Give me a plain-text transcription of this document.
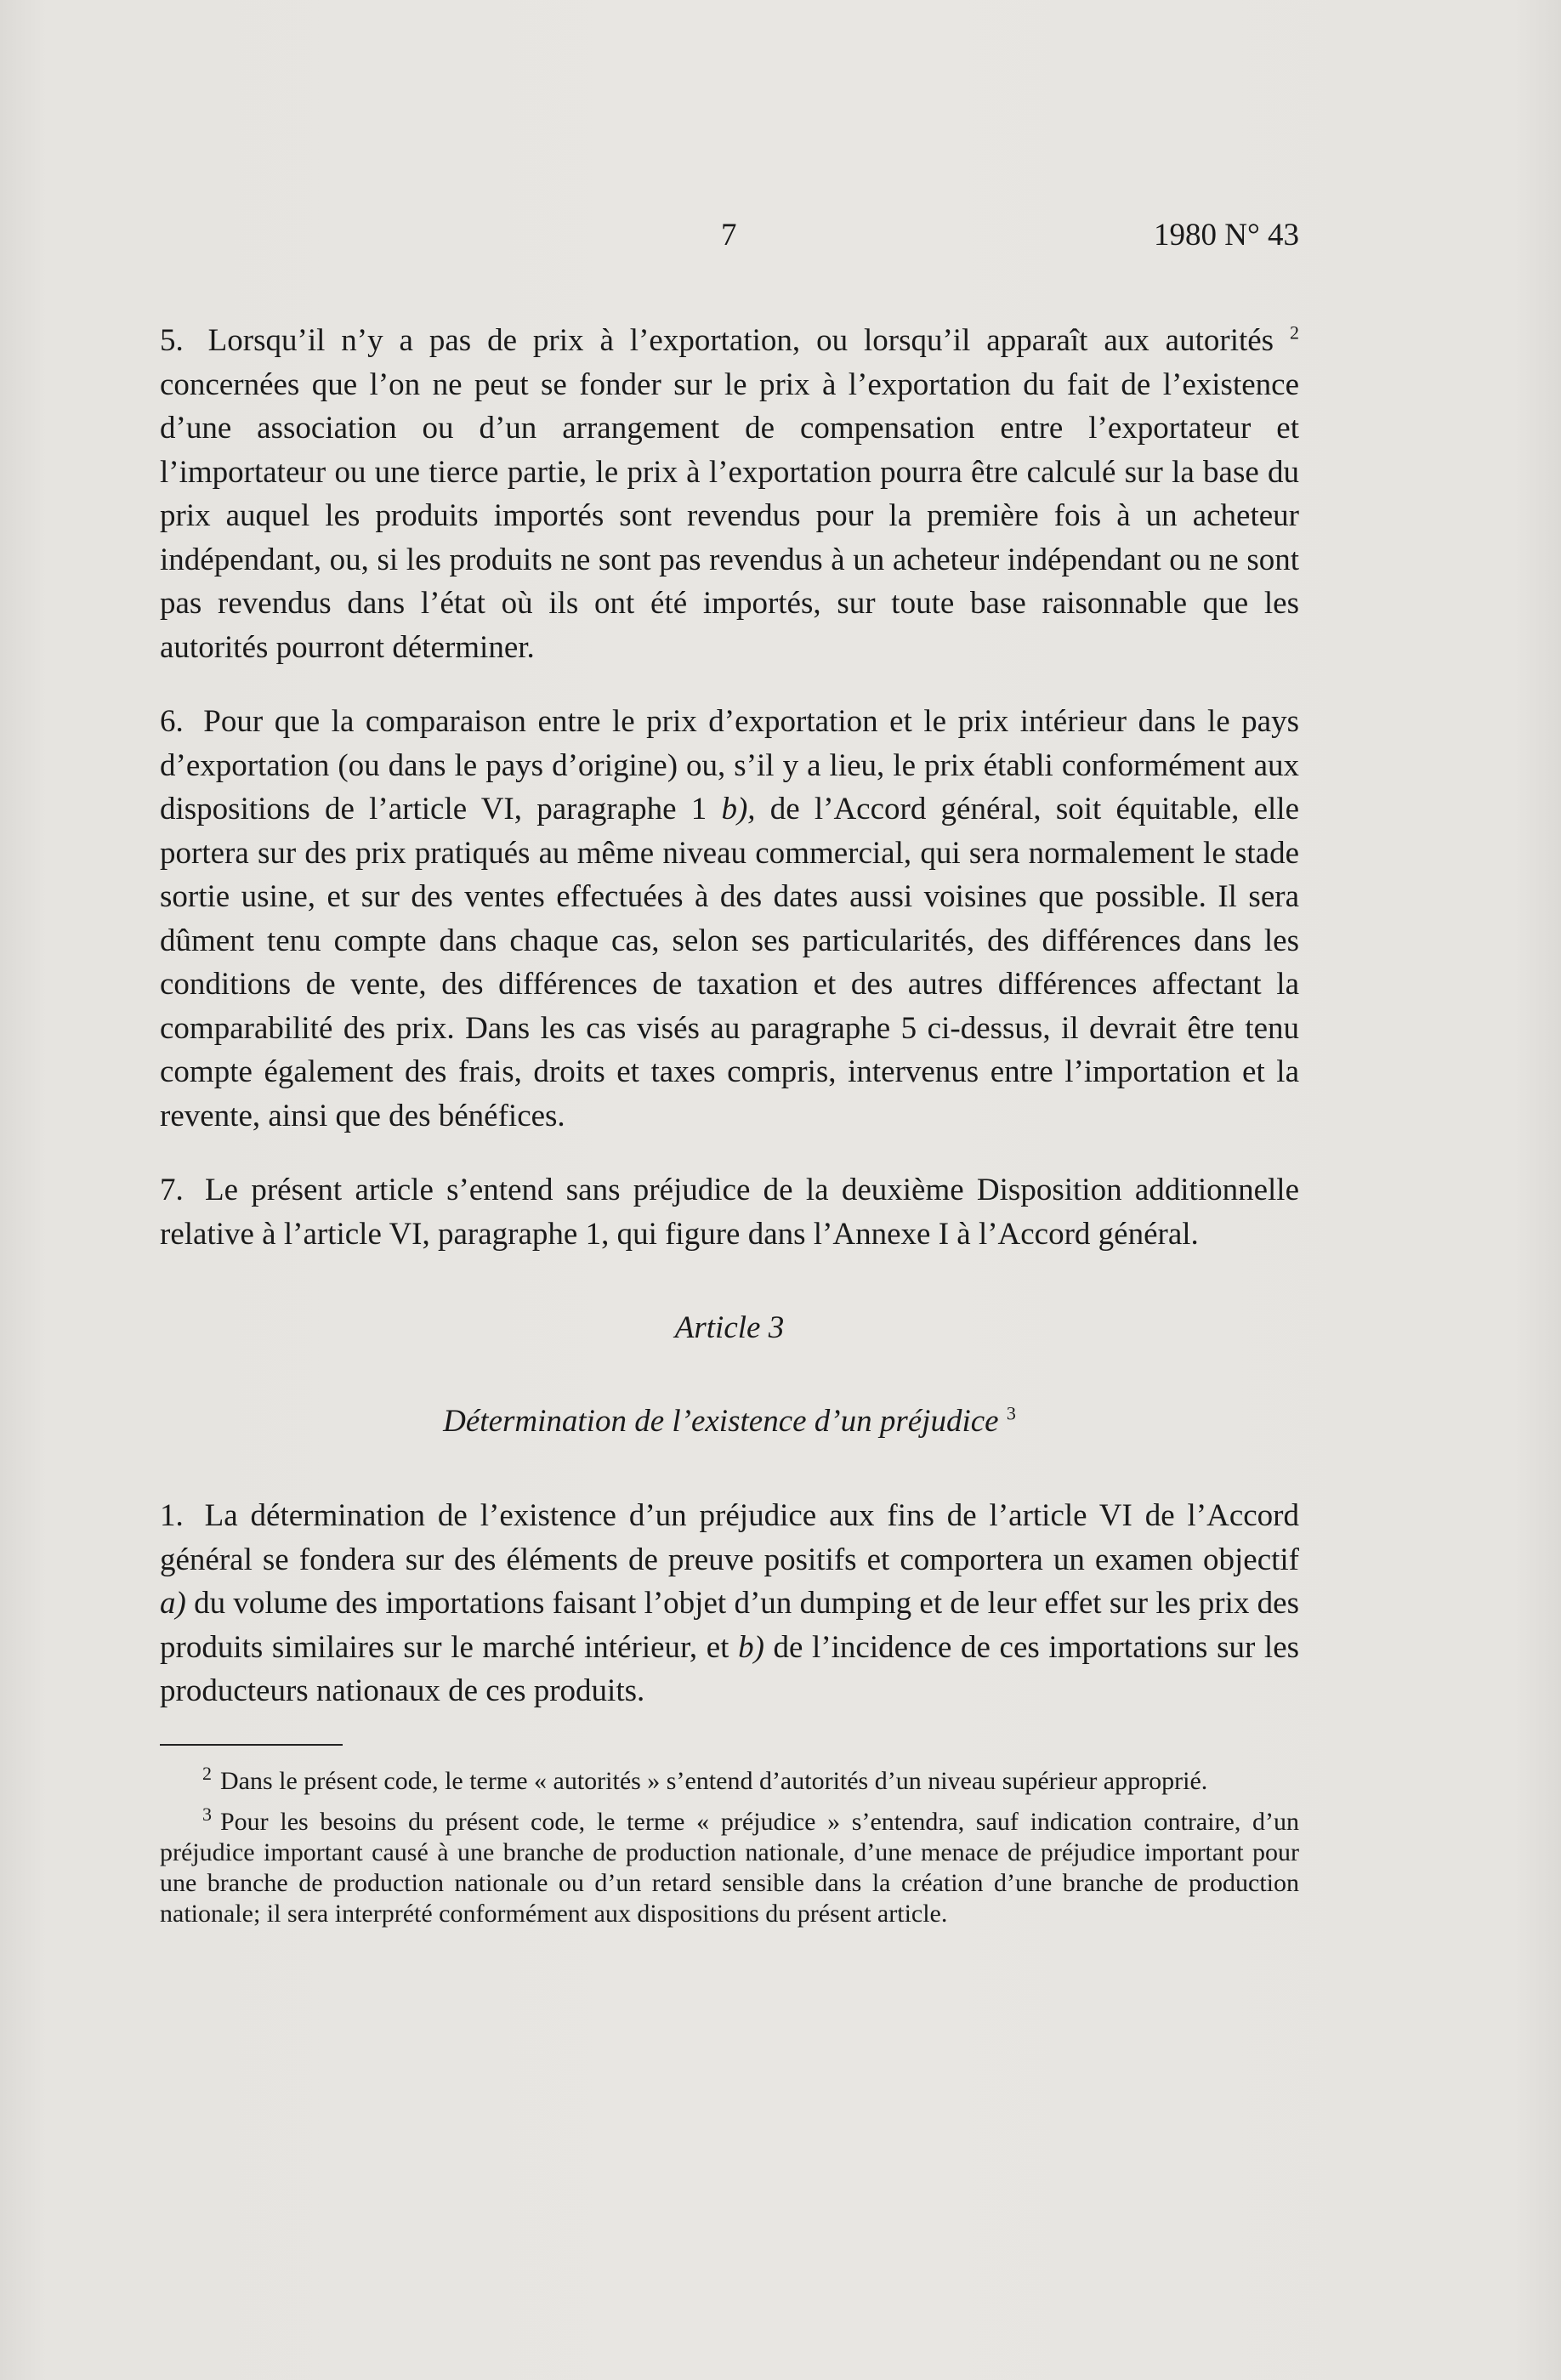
7	1980 N° 43

5. Lorsqu’il n’y a pas de prix à l’exportation, ou lorsqu’il apparaît aux autorités $^2$ concernées que l’on ne peut se fonder sur le prix à l’exportation du fait de l’existence d’une association ou d’un arrangement de compensation entre l’exportateur et l’importateur ou une tierce partie, le prix à l’exportation pourra être calculé sur la base du prix auquel les produits importés sont revendus pour la première fois à un acheteur indépendant, ou, si les produits ne sont pas revendus à un acheteur indépendant ou ne sont pas revendus dans l’état où ils ont été importés, sur toute base raisonnable que les autorités pourront déterminer.

6. Pour que la comparaison entre le prix d’exportation et le prix intérieur dans le pays d’exportation (ou dans le pays d’origine) ou, s’il y a lieu, le prix établi conformément aux dispositions de l’article VI, paragraphe 1 b), de l’Accord général, soit équitable, elle portera sur des prix pratiqués au même niveau commercial, qui sera normalement le stade sortie usine, et sur des ventes effectuées à des dates aussi voisines que possible. Il sera dûment tenu compte dans chaque cas, selon ses particularités, des différences dans les conditions de vente, des différences de taxation et des autres différences affectant la comparabilité des prix. Dans les cas visés au paragraphe 5 ci-dessus, il devrait être tenu compte également des frais, droits et taxes compris, intervenus entre l’importation et la revente, ainsi que des bénéfices.

7. Le présent article s’entend sans préjudice de la deuxième Disposition additionnelle relative à l’article VI, paragraphe 1, qui figure dans l’Annexe I à l’Accord général.

Article 3
Détermination de l’existence d’un préjudice $^3$

1. La détermination de l’existence d’un préjudice aux fins de l’article VI de l’Accord général se fondera sur des éléments de preuve positifs et comportera un examen objectif a) du volume des importations faisant l’objet d’un dumping et de leur effet sur les prix des produits similaires sur le marché intérieur, et b) de l’incidence de ces importations sur les producteurs nationaux de ces produits.

$^2$ Dans le présent code, le terme « autorités » s’entend d’autorités d’un niveau supérieur approprié.

$^3$ Pour les besoins du présent code, le terme « préjudice » s’entendra, sauf indication contraire, d’un préjudice important causé à une branche de production nationale, d’une menace de préjudice important pour une branche de production nationale ou d’un retard sensible dans la création d’une branche de production nationale; il sera interprété conformément aux dispositions du présent article.
